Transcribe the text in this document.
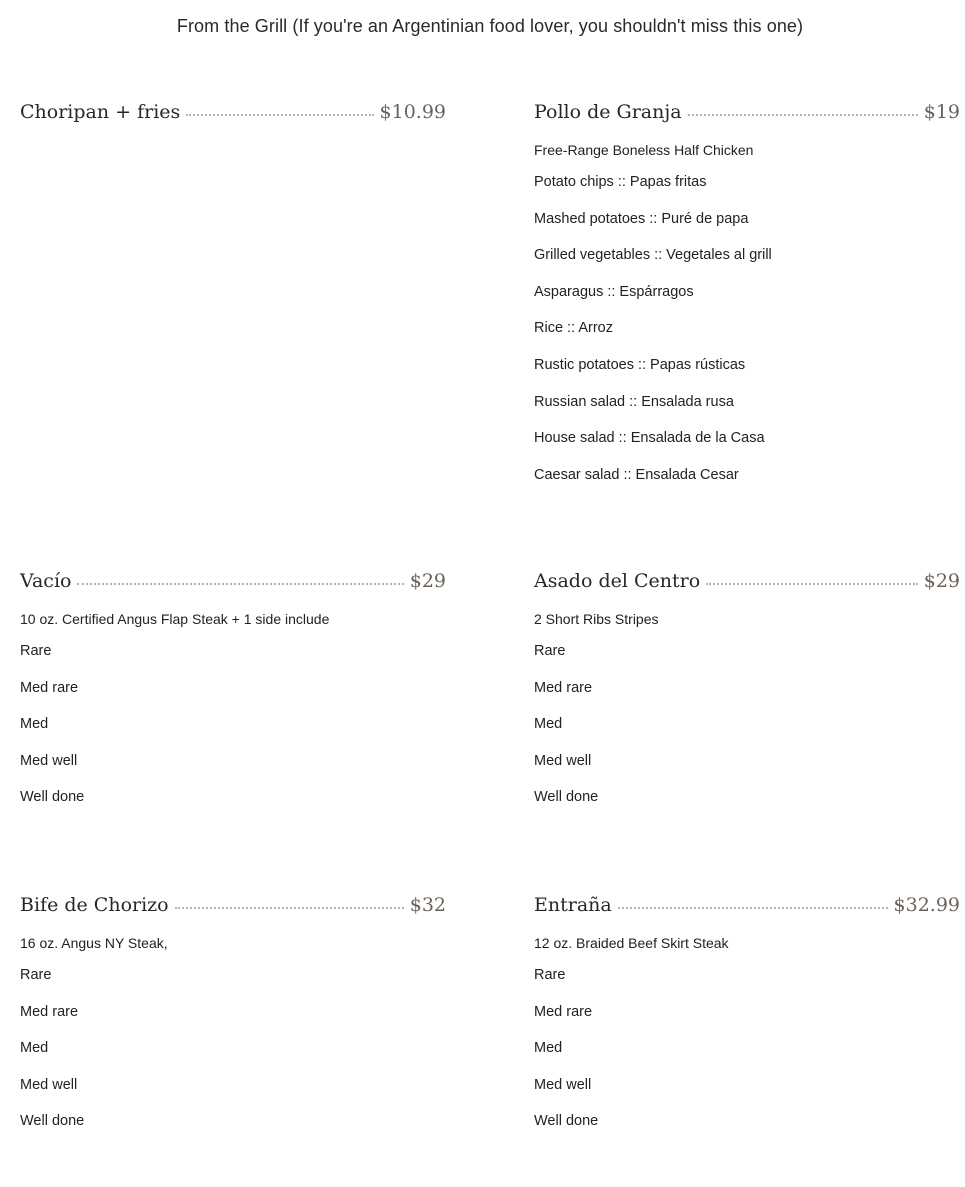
From the Grill (If you're an Argentinian food lover, you shouldn't miss this one)
Choripan + fries	$10.99	Pollo de Granja	$19
Free-Range Boneless Half Chicken
Potato chips :: Papas fritas
Mashed potatoes :: Puré de papa
Grilled vegetables :: Vegetales al grill
Asparagus :: Espárragos
Rice :: Arroz
Rustic potatoes :: Papas rústicas
Russian salad :: Ensalada rusa
House salad :: Ensalada de la Casa
Caesar salad :: Ensalada Cesar
Vacío	$29
10 oz. Certified Angus Flap Steak + 1 side include
Rare
Med rare
Med
Med well
Well done
Asado del Centro	$29
2 Short Ribs Stripes
Rare
Med rare
Med
Med well
Well done
Bife de Chorizo	$32
16 oz. Angus NY Steak,
Rare
Med rare
Med
Med well
Well done
Entraña	$32.99
12 oz. Braided Beef Skirt Steak
Rare
Med rare
Med
Med well
Well done
